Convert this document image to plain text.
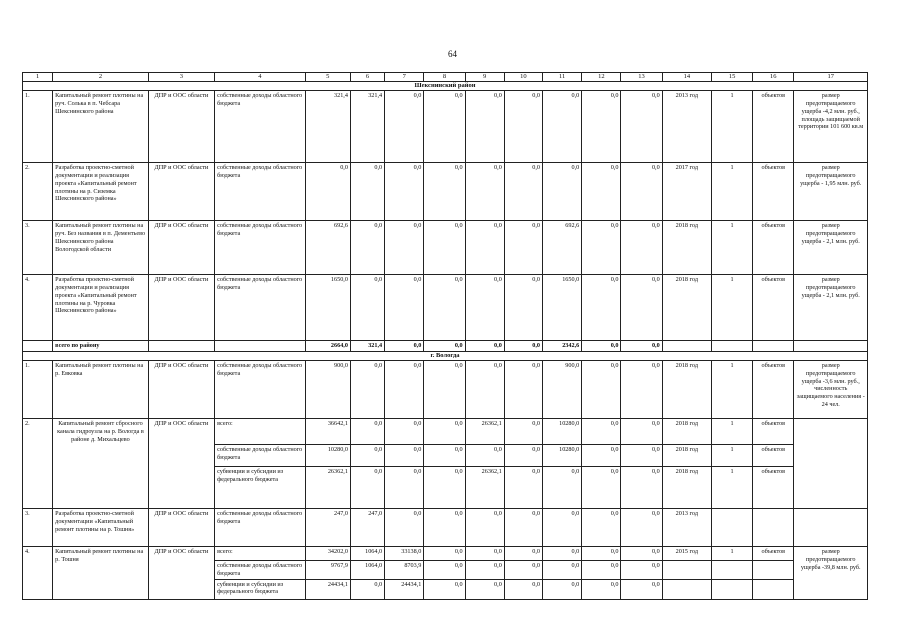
64
1	2	3	4	5	6	7	8	9	10	11	12	13	14	15	16	17
Шекснинский район																
1.	Капитальный ремонт плотины на руч. Солька в п. Чебсара Шекснинского района	ДПР и ООС области	собственные доходы областного бюджета	321,4	321,4	0,0	0,0	0,0	0,0	0,0	0,0	0,0	2013 год	1	объектов	размер предотвращаемого ущерба -4,2 млн. руб., площадь защищаемой территории 101 600 кв.м
2.	Разработка проектно-сметной документации и реализация проекта «Капитальный ремонт плотины на р. Сиземка Шекснинского района»	ДПР и ООС области	собственные доходы областного бюджета	0,0	0,0	0,0	0,0	0,0	0,0	0,0	0,0	0,0	2017 год	1	объектов	размер предотвращаемого ущерба - 1,95 млн. руб.
3.	Капитальный ремонт плотины на руч. Без названия в п. Дементьево Шекснинского района Вологодской области	ДПР и ООС области	собственные доходы областного бюджета	692,6	0,0	0,0	0,0	0,0	0,0	692,6	0,0	0,0	2018 год	1	объектов	размер предотвращаемого ущерба - 2,1 млн. руб.
4.	Разработка проектно-сметной документации и реализация проекта «Капитальный ремонт плотины на р. Чуровка Шекснинского района»	ДПР и ООС области	собственные доходы областного бюджета	1650,0	0,0	0,0	0,0	0,0	0,0	1650,0	0,0	0,0	2018 год	1	объектов	размер предотвращаемого ущерба - 2,1 млн. руб.
	всего по району			2664,0	321,4	0,0	0,0	0,0	0,0	2342,6	0,0	0,0				
г. Вологда																
1.	Капитальный ремонт плотины на р. Евковка	ДПР и ООС области	собственные доходы областного бюджета	900,0	0,0	0,0	0,0	0,0	0,0	900,0	0,0	0,0	2018 год	1	объектов	размер предотвращаемого ущерба -3,6 млн. руб., численность защищаемого населения - 24 чел.
2.	Капитальный ремонт сбросного канала гидроузла на р. Вологда в районе д. Михальцево	ДПР и ООС области	всего:	36642,1	0,0	0,0	0,0	26362,1	0,0	10280,0	0,0	0,0	2018 год	1	объектов	
			собственные доходы областного бюджета	10280,0	0,0	0,0	0,0	0,0	0,0	10280,0	0,0	0,0	2018 год	1	объектов	
			субвенции и субсидии из федерального бюджета	26362,1	0,0	0,0	0,0	26362,1	0,0	0,0	0,0	0,0	2018 год	1	объектов	
3.	Разработка проектно-сметной документации «Капитальный ремонт плотины на р. Тошня»	ДПР и ООС области	собственные доходы областного бюджета	247,0	247,0	0,0	0,0	0,0	0,0	0,0	0,0	0,0	2013 год			
4.	Капитальный ремонт плотины на р. Тошня	ДПР и ООС области	всего:	34202,0	1064,0	33138,0	0,0	0,0	0,0	0,0	0,0	0,0	2015 год	1	объектов	размер предотвращаемого ущерба -39,8 млн. руб.
			собственные доходы областного бюджета	9767,9	1064,0	8703,9	0,0	0,0	0,0	0,0	0,0	0,0				
			субвенции и субсидии из федерального бюджета	24434,1	0,0	24434,1	0,0	0,0	0,0	0,0	0,0	0,0				
